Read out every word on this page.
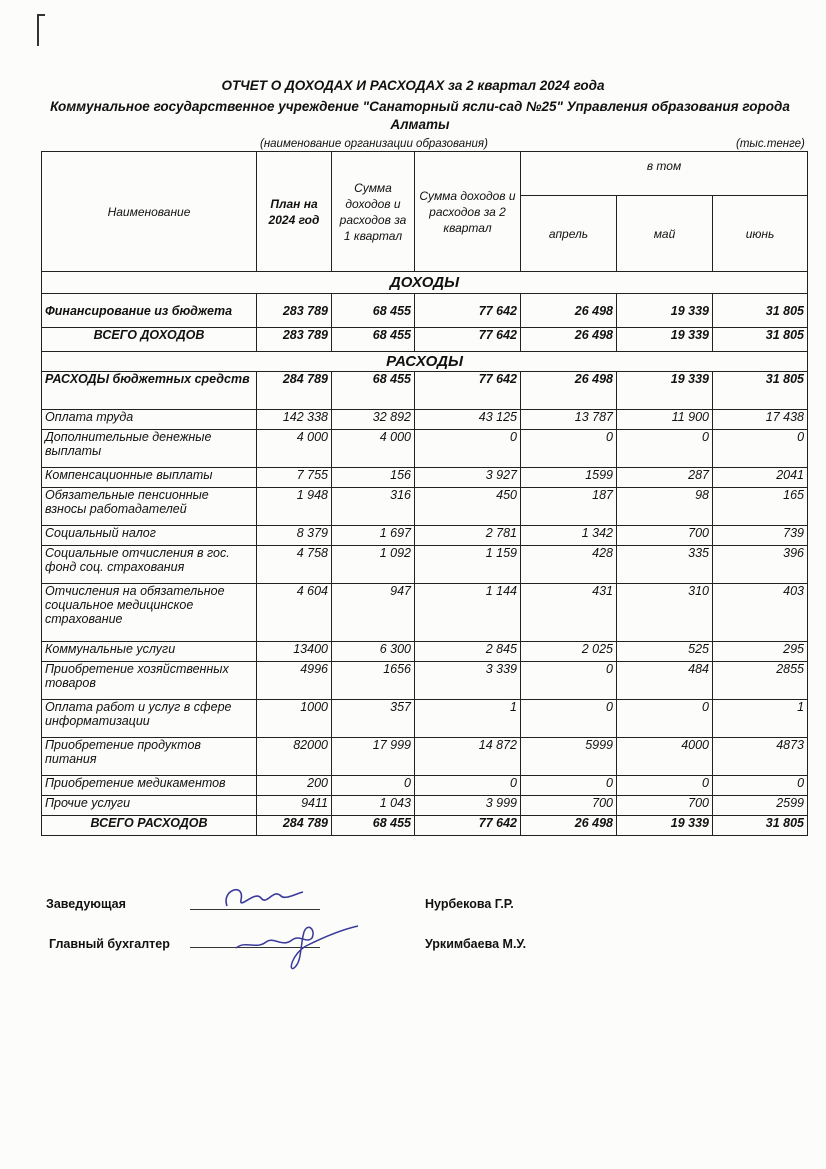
ОТЧЕТ О ДОХОДАХ И РАСХОДАХ за 2 квартал 2024 года
Коммунальное государственное учреждение "Санаторный ясли-сад №25" Управления образования города Алматы
(наименование организации образования)	(тыс.тенге)
Наименование	План на 2024 год	Сумма доходов и расходов за 1 квартал	Сумма доходов и расходов за 2 квартал	в том		
				апрель	май	июнь
ДОХОДЫ						
Финансирование из бюджета	283 789	68 455	77 642	26 498	19 339	31 805
ВСЕГО ДОХОДОВ	283 789	68 455	77 642	26 498	19 339	31 805
РАСХОДЫ						
РАСХОДЫ бюджетных средств	284 789	68 455	77 642	26 498	19 339	31 805
Оплата труда	142 338	32 892	43 125	13 787	11 900	17 438
Дополнительные денежные выплаты	4 000	4 000	0	0	0	0
Компенсационные выплаты	7 755	156	3 927	1599	287	2041
Обязательные пенсионные взносы работадателей	1 948	316	450	187	98	165
Социальный налог	8 379	1 697	2 781	1 342	700	739
Социальные отчисления в гос. фонд соц. страхования	4 758	1 092	1 159	428	335	396
Отчисления на обязательное социальное медицинское страхование	4 604	947	1 144	431	310	403
Коммунальные услуги	13400	6 300	2 845	2 025	525	295
Приобретение хозяйственных товаров	4996	1656	3 339	0	484	2855
Оплата работ и услуг в сфере информатизации	1000	357	1	0	0	1
Приобретение продуктов питания	82000	17 999	14 872	5999	4000	4873
Приобретение медикаментов	200	0	0	0	0	0
Прочие услуги	9411	1 043	3 999	700	700	2599
ВСЕГО РАСХОДОВ	284 789	68 455	77 642	26 498	19 339	31 805
Заведующая	Нурбекова Г.Р.
Главный бухгалтер	Уркимбаева М.У.
